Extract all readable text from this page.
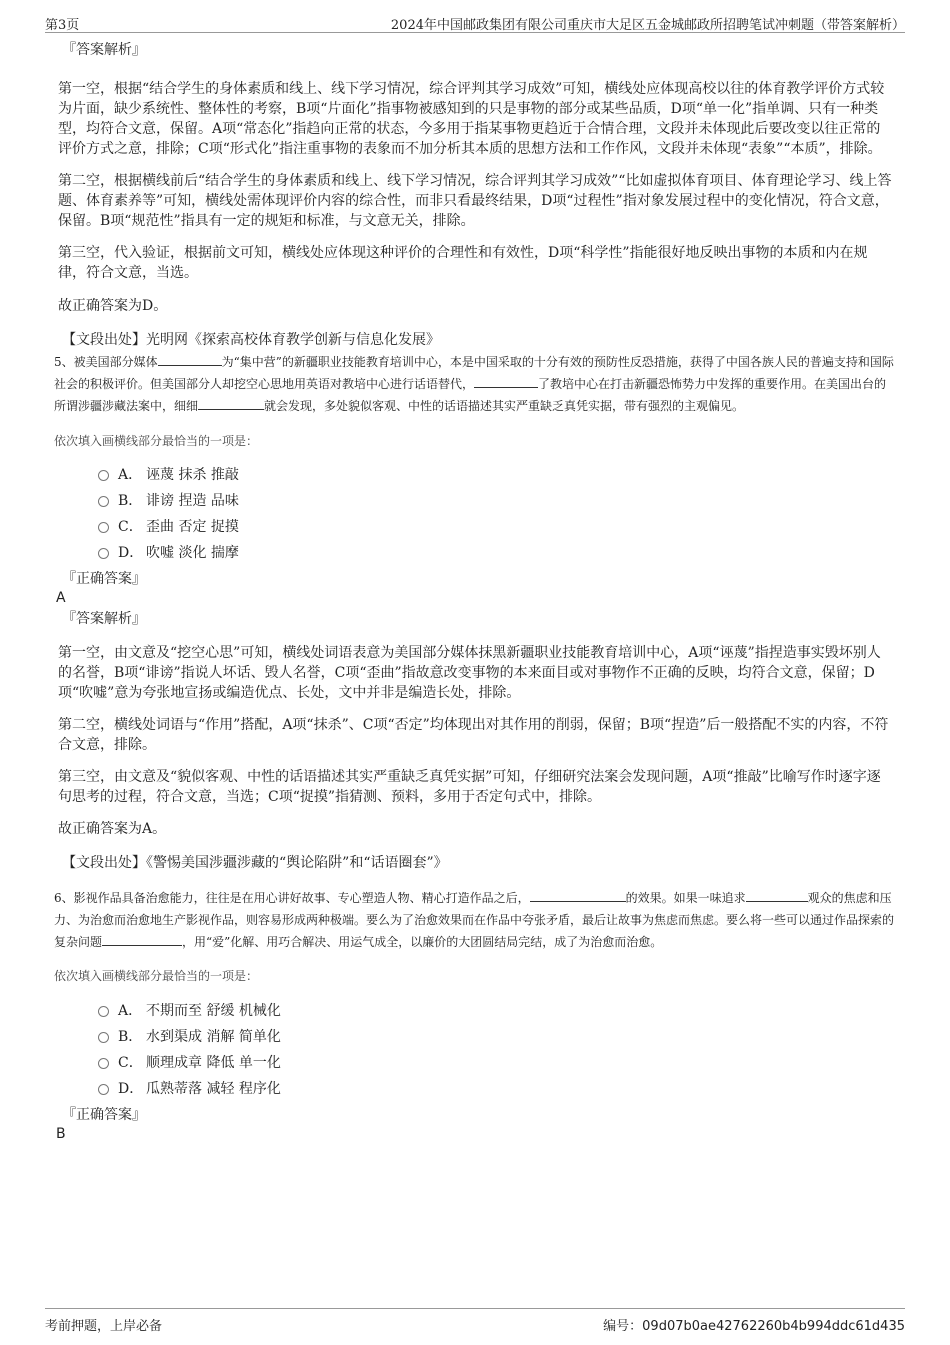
第3页	2024年中国邮政集团有限公司重庆市大足区五金城邮政所招聘笔试冲刺题（带答案解析）
『答案解析』

第一空，根据“结合学生的身体素质和线上、线下学习情况，综合评判其学习成效”可知，横线处应体现高校以往的体育教学评价方式较为片面，缺少系统性、整体性的考察，B项“片面化”指事物被感知到的只是事物的部分或某些品质，D项“单一化”指单调、只有一种类型，均符合文意，保留。A项“常态化”指趋向正常的状态，今多用于指某事物更趋近于合情合理，文段并未体现此后要改变以往正常的评价方式之意，排除；C项“形式化”指注重事物的表象而不加分析其本质的思想方法和工作作风，文段并未体现“表象”“本质”，排除。

第二空，根据横线前后“结合学生的身体素质和线上、线下学习情况，综合评判其学习成效”“比如虚拟体育项目、体育理论学习、线上答题、体育素养等”可知，横线处需体现评价内容的综合性，而非只看最终结果，D项“过程性”指对象发展过程中的变化情况，符合文意，保留。B项“规范性”指具有一定的规矩和标准，与文意无关，排除。

第三空，代入验证，根据前文可知，横线处应体现这种评价的合理性和有效性，D项“科学性”指能很好地反映出事物的本质和内在规律，符合文意，当选。

故正确答案为D。

【文段出处】光明网《探索高校体育教学创新与信息化发展》

5、被美国部分媒体	为“集中营”的新疆职业技能教育培训中心，本是中国采取的十分有效的预防性反恐措施，获得了中国各族人民的普遍支持和国际社会的积极评价。但美国部分人却挖空心思地用英语对教培中心进行话语替代，	了教培中心在打击新疆恐怖势力中发挥的重要作用。在美国出台的所谓涉疆涉藏法案中，细细	就会发现，多处貌似客观、中性的话语描述其实严重缺乏真凭实据，带有强烈的主观偏见。

依次填入画横线部分最恰当的一项是：
A． 诬蔑 抹杀 推敲
B． 诽谤 捏造 品味
C． 歪曲 否定 捉摸
D． 吹嘘 淡化 揣摩
『正确答案』
A
『答案解析』

第一空，由文意及“挖空心思”可知，横线处词语表意为美国部分媒体抹黑新疆职业技能教育培训中心，A项“诬蔑”指捏造事实毁坏别人的名誉，B项“诽谤”指说人坏话、毁人名誉，C项“歪曲”指故意改变事物的本来面目或对事物作不正确的反映，均符合文意，保留；D项“吹嘘”意为夸张地宣扬或编造优点、长处，文中并非是编造长处，排除。

第二空，横线处词语与“作用”搭配，A项“抹杀”、C项“否定”均体现出对其作用的削弱，保留；B项“捏造”后一般搭配不实的内容，不符合文意，排除。

第三空，由文意及“貌似客观、中性的话语描述其实严重缺乏真凭实据”可知，仔细研究法案会发现问题，A项“推敲”比喻写作时逐字逐句思考的过程，符合文意，当选；C项“捉摸”指猜测、预料，多用于否定句式中，排除。

故正确答案为A。

【文段出处】《警惕美国涉疆涉藏的“舆论陷阱”和“话语圈套”》

6、影视作品具备治愈能力，往往是在用心讲好故事、专心塑造人物、精心打造作品之后，	的效果。如果一味追求	观众的焦虑和压力、为治愈而治愈地生产影视作品，则容易形成两种极端。要么为了治愈效果而在作品中夸张矛盾，最后让故事为焦虑而焦虑。要么将一些可以通过作品探索的复杂问题	，用“爱”化解、用巧合解决、用运气成全，以廉价的大团圆结局完结，成了为治愈而治愈。

依次填入画横线部分最恰当的一项是：
A． 不期而至 舒缓 机械化
B． 水到渠成 消解 简单化
C． 顺理成章 降低 单一化
D． 瓜熟蒂落 减轻 程序化
『正确答案』
B
考前押题，上岸必备	编号：09d07b0ae42762260b4b994ddc61d435
